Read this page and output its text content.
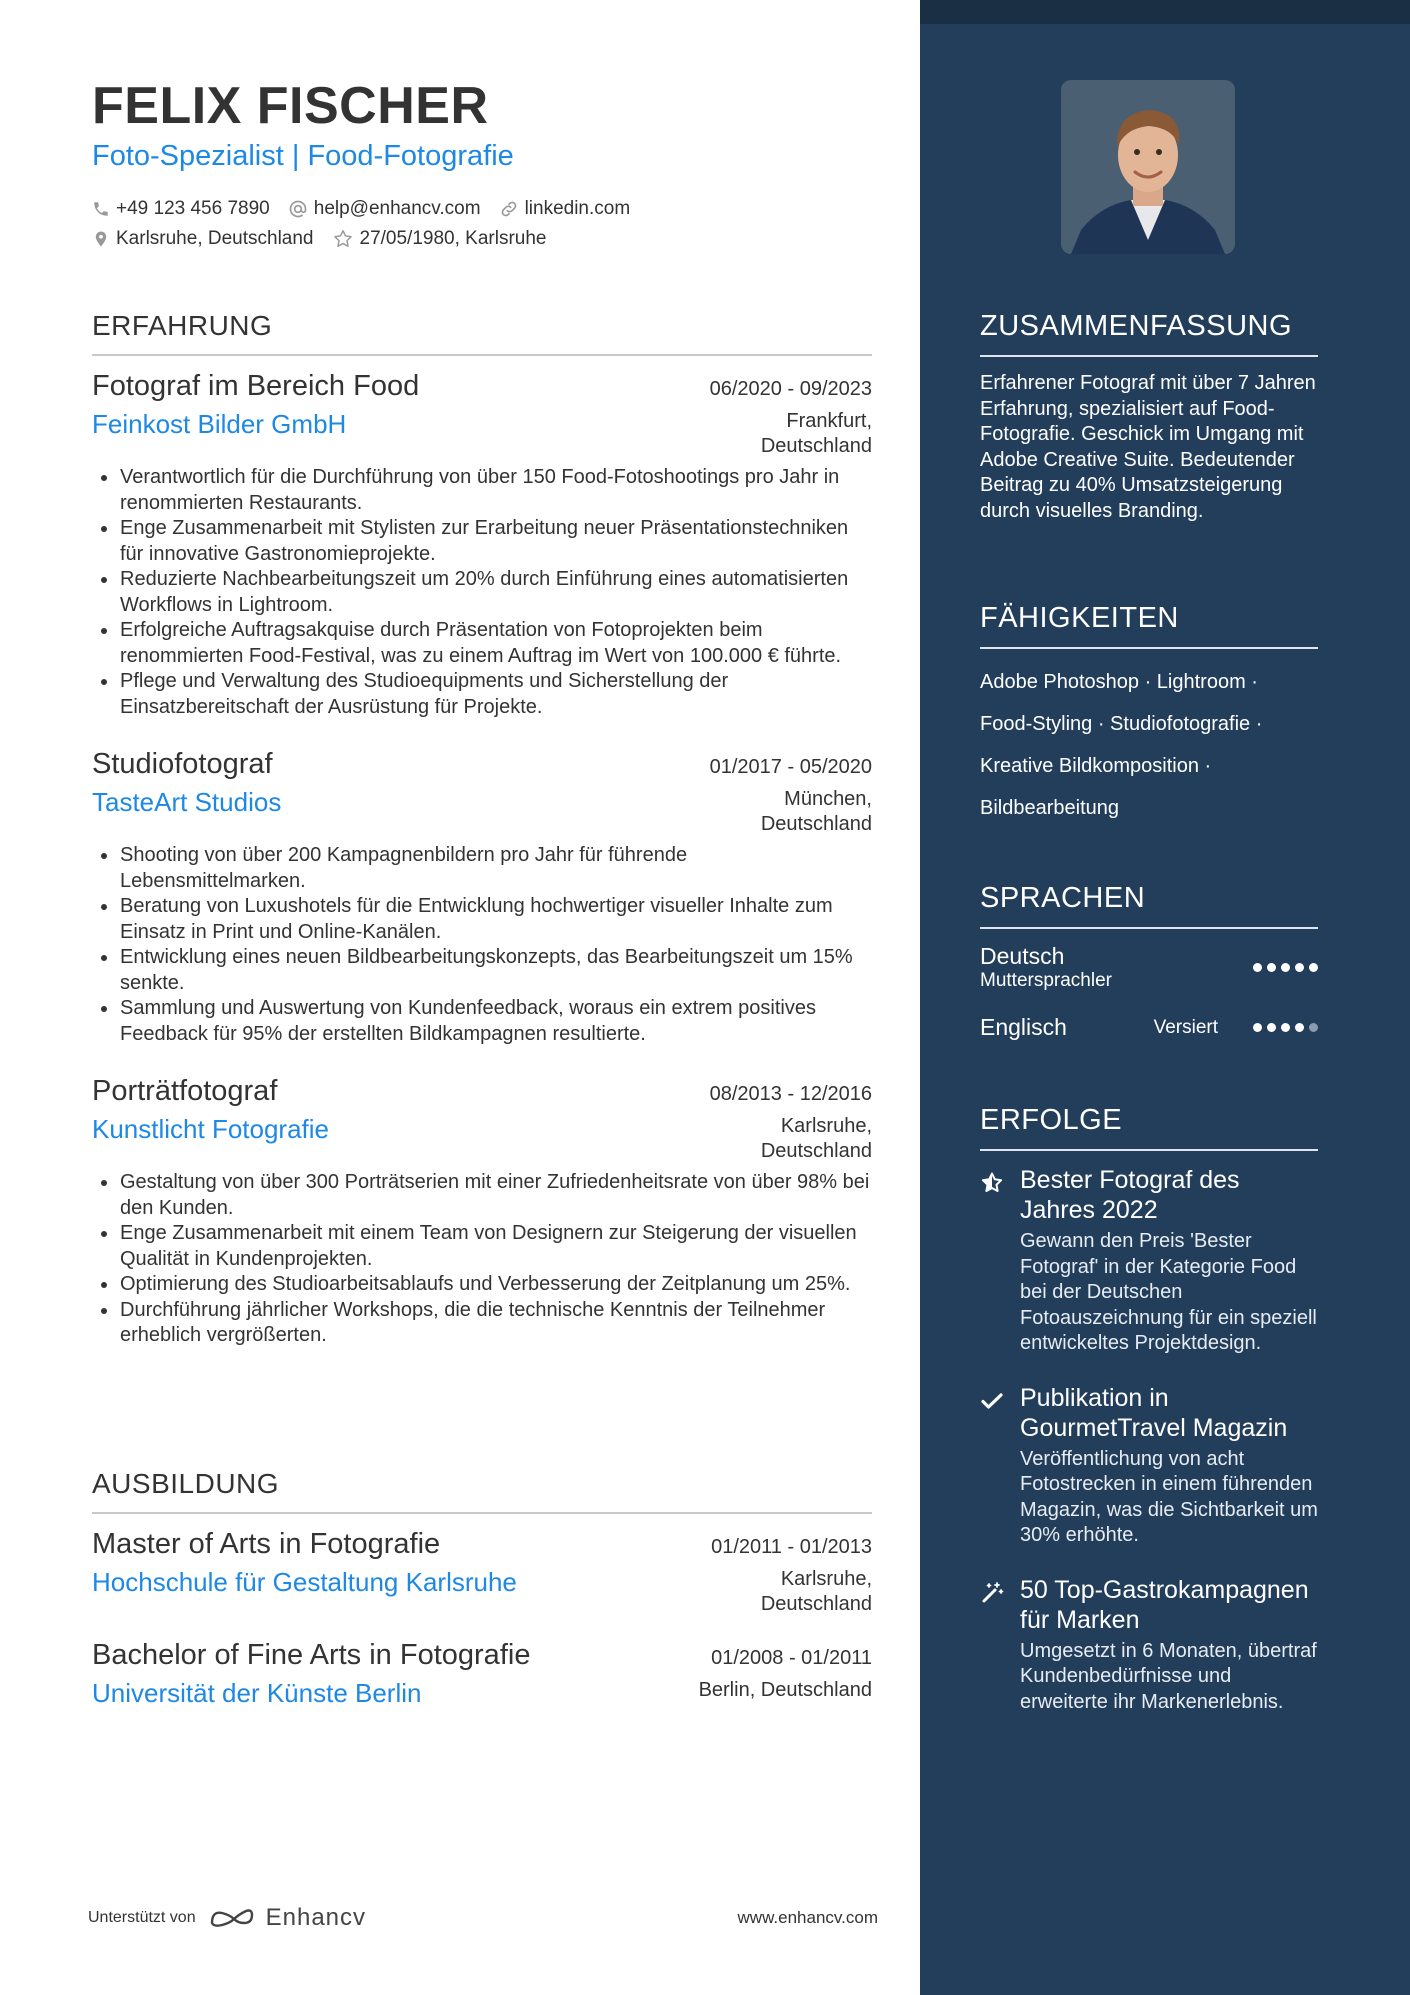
FELIX FISCHER
Foto-Spezialist | Food-Fotografie
+49 123 456 7890 help@enhancv.com linkedin.com
Karlsruhe, Deutschland 27/05/1980, Karlsruhe
ERFAHRUNG
Fotograf im Bereich Food	06/2020 - 09/2023
Feinkost Bilder GmbH	Frankfurt, Deutschland
Verantwortlich für die Durchführung von über 150 Food-Fotoshootings pro Jahr in renommierten Restaurants.
Enge Zusammenarbeit mit Stylisten zur Erarbeitung neuer Präsentationstechniken für innovative Gastronomieprojekte.
Reduzierte Nachbearbeitungszeit um 20% durch Einführung eines automatisierten Workflows in Lightroom.
Erfolgreiche Auftragsakquise durch Präsentation von Fotoprojekten beim renommierten Food-Festival, was zu einem Auftrag im Wert von 100.000 € führte.
Pflege und Verwaltung des Studioequipments und Sicherstellung der Einsatzbereitschaft der Ausrüstung für Projekte.
Studiofotograf	01/2017 - 05/2020
TasteArt Studios	München, Deutschland
Shooting von über 200 Kampagnenbildern pro Jahr für führende Lebensmittelmarken.
Beratung von Luxushotels für die Entwicklung hochwertiger visueller Inhalte zum Einsatz in Print und Online-Kanälen.
Entwicklung eines neuen Bildbearbeitungskonzepts, das Bearbeitungszeit um 15% senkte.
Sammlung und Auswertung von Kundenfeedback, woraus ein extrem positives Feedback für 95% der erstellten Bildkampagnen resultierte.
Porträtfotograf	08/2013 - 12/2016
Kunstlicht Fotografie	Karlsruhe, Deutschland
Gestaltung von über 300 Porträtserien mit einer Zufriedenheitsrate von über 98% bei den Kunden.
Enge Zusammenarbeit mit einem Team von Designern zur Steigerung der visuellen Qualität in Kundenprojekten.
Optimierung des Studioarbeitsablaufs und Verbesserung der Zeitplanung um 25%.
Durchführung jährlicher Workshops, die die technische Kenntnis der Teilnehmer erheblich vergrößerten.
AUSBILDUNG
Master of Arts in Fotografie	01/2011 - 01/2013
Hochschule für Gestaltung Karlsruhe	Karlsruhe, Deutschland
Bachelor of Fine Arts in Fotografie	01/2008 - 01/2011
Universität der Künste Berlin	Berlin, Deutschland
ZUSAMMENFASSUNG
Erfahrener Fotograf mit über 7 Jahren Erfahrung, spezialisiert auf Food-Fotografie. Geschick im Umgang mit Adobe Creative Suite. Bedeutender Beitrag zu 40% Umsatzsteigerung durch visuelles Branding.
FÄHIGKEITEN
Adobe Photoshop · Lightroom ·
Food-Styling · Studiofotografie ·
Kreative Bildkomposition ·
Bildbearbeitung
SPRACHEN
Deutsch
Muttersprachler
Englisch	Versiert
ERFOLGE
Bester Fotograf des Jahres 2022
Gewann den Preis 'Bester Fotograf' in der Kategorie Food bei der Deutschen Fotoauszeichnung für ein speziell entwickeltes Projektdesign.
Publikation in GourmetTravel Magazin
Veröffentlichung von acht Fotostrecken in einem führenden Magazin, was die Sichtbarkeit um 30% erhöhte.
50 Top-Gastrokampagnen für Marken
Umgesetzt in 6 Monaten, übertraf Kundenbedürfnisse und erweiterte ihr Markenerlebnis.
Unterstützt von	Enhancv	www.enhancv.com
